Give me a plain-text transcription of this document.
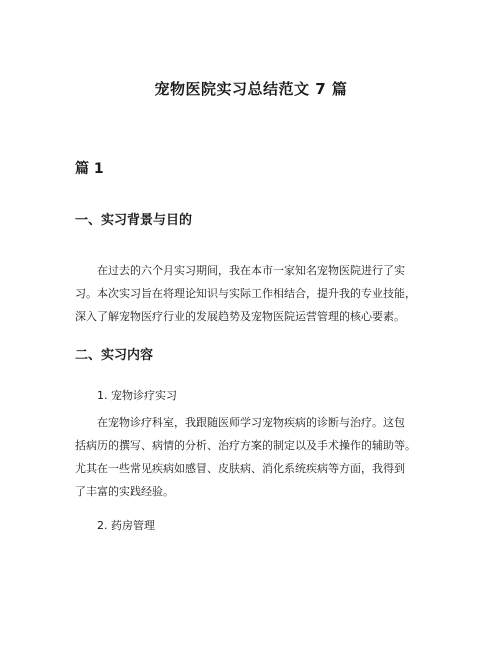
宠物医院实习总结范文 7 篇
篇 1
一、实习背景与目的
在过去的六个月实习期间，我在本市一家知名宠物医院进行了实
习。本次实习旨在将理论知识与实际工作相结合，提升我的专业技能，
深入了解宠物医疗行业的发展趋势及宠物医院运营管理的核心要素。
二、实习内容

1. 宠物诊疗实习

在宠物诊疗科室，我跟随医师学习宠物疾病的诊断与治疗。这包
括病历的撰写、病情的分析、治疗方案的制定以及手术操作的辅助等。
尤其在一些常见疾病如感冒、皮肤病、消化系统疾病等方面，我得到
了丰富的实践经验。

2. 药房管理
